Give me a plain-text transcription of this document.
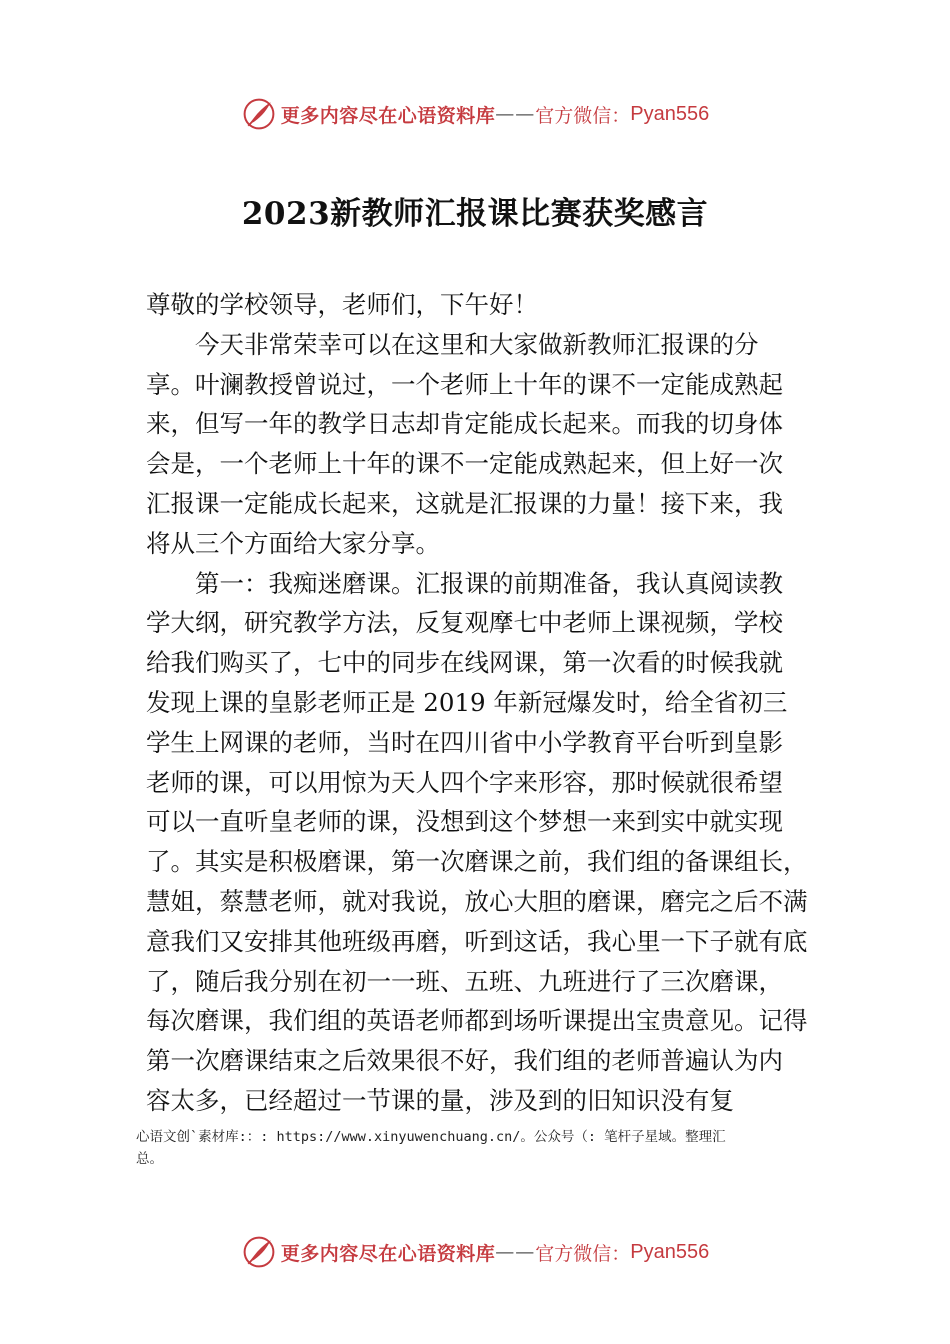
更多内容尽在心语资料库 —— 官方微信： Pyan556
2023新教师汇报课比赛获奖感言
尊敬的学校领导，老师们，下午好！
今天非常荣幸可以在这里和大家做新教师汇报课的分
享。叶澜教授曾说过，一个老师上十年的课不一定能成熟起
来，但写一年的教学日志却肯定能成长起来。而我的切身体
会是，一个老师上十年的课不一定能成熟起来，但上好一次
汇报课一定能成长起来，这就是汇报课的力量！接下来，我
将从三个方面给大家分享。
第一：我痴迷磨课。汇报课的前期准备，我认真阅读教
学大纲，研究教学方法，反复观摩七中老师上课视频，学校
给我们购买了，七中的同步在线网课，第一次看的时候我就
发现上课的皇影老师正是 2019 年新冠爆发时，给全省初三
学生上网课的老师，当时在四川省中小学教育平台听到皇影
老师的课，可以用惊为天人四个字来形容，那时候就很希望
可以一直听皇老师的课，没想到这个梦想一来到实中就实现
了。其实是积极磨课，第一次磨课之前，我们组的备课组长，
慧姐，蔡慧老师，就对我说，放心大胆的磨课，磨完之后不满
意我们又安排其他班级再磨，听到这话，我心里一下子就有底
了，随后我分别在初一一班、五班、九班进行了三次磨课，
每次磨课，我们组的英语老师都到场听课提出宝贵意见。记得
第一次磨课结束之后效果很不好，我们组的老师普遍认为内
容太多，已经超过一节课的量，涉及到的旧知识没有复
心语文创`素材库:：: https://www.xinyuwenchuang.cn/。公众号（: 笔杆子星域。整理汇
总。
更多内容尽在心语资料库 —— 官方微信： Pyan556
